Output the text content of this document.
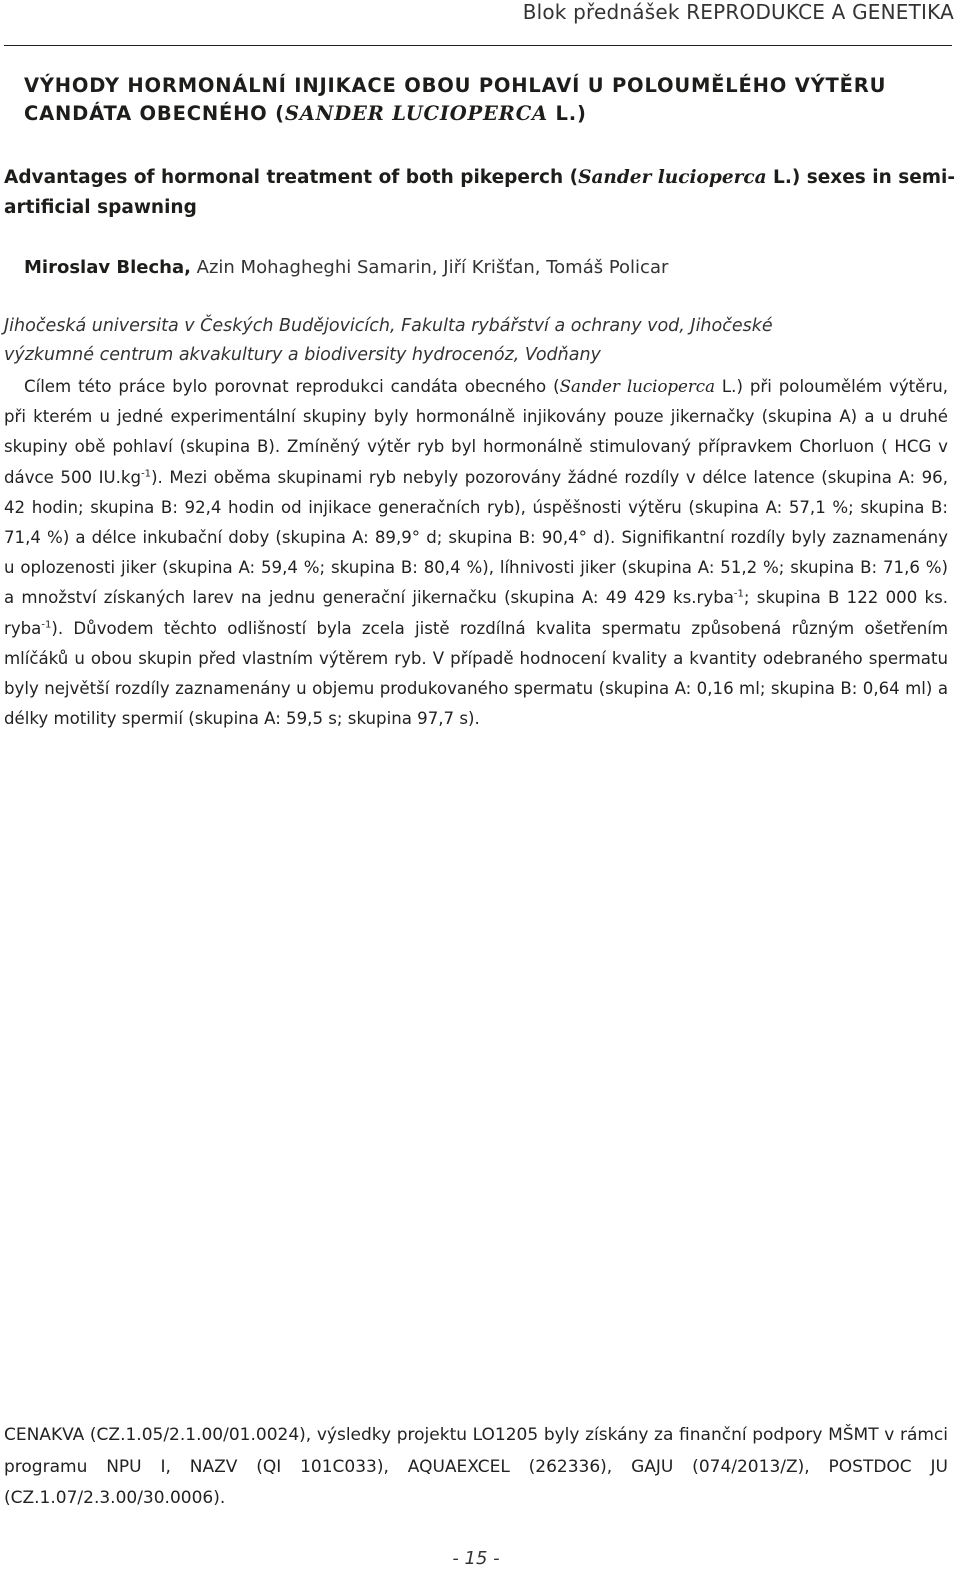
Blok přednášek REPRODUKCE A GENETIKA
VÝHODY HORMONÁLNÍ INJIKACE OBOU POHLAVÍ U POLOUMĚLÉHO VÝTĚRU
CANDÁTA OBECNÉHO (SANDER LUCIOPERCA L.)
Advantages of hormonal treatment of both pikeperch (Sander lucioperca L.) sexes in semi-
artificial spawning
Miroslav Blecha, Azin Mohagheghi Samarin, Jiří Krišťan, Tomáš Policar
Jihočeská universita v Českých Budějovicích, Fakulta rybářství a ochrany vod, Jihočeské
výzkumné centrum akvakultury a biodiversity hydrocenóz, Vodňany

Cílem této práce bylo porovnat reprodukci candáta obecného (Sander lucioperca L.) při poloumělém výtěru, při kterém u jedné experimentální skupiny byly hormonálně injikovány pouze jikernačky (skupina A) a u druhé skupiny obě pohlaví (skupina B). Zmíněný výtěr ryb byl hormonálně stimulovaný přípravkem Chorluon ( HCG v dávce 500 $IU.kg^{-1}$). Mezi oběma skupinami ryb nebyly pozorovány žádné rozdíly v délce latence (skupina A: 96, 42 hodin; skupina B: 92,4 hodin od injikace generačních ryb), úspěšnosti výtěru (skupina A: 57,1 %; skupina B: 71,4 %) a délce inkubační doby (skupina A: 89,9° d; skupina B: 90,4° d). Signifikantní rozdíly byly zaznamenány u oplozenosti jiker (skupina A: 59,4 %; skupina B: 80,4 %), líhnivosti jiker (skupina A: 51,2 %; skupina B: 71,6 %) a množství získaných larev na jednu generační jikernačku (skupina A: 49 429 ks.ryba$^{-1}$; skupina B 122 000 ks. ryba$^{-1}$). Důvodem těchto odlišností byla zcela jistě rozdílná kvalita spermatu způsobená různým ošetřením mlíčáků u obou skupin před vlastním výtěrem ryb. V případě hodnocení kvality a kvantity odebraného spermatu byly největší rozdíly zaznamenány u objemu produkovaného spermatu (skupina A: 0,16 ml; skupina B: 0,64 ml) a délky motility spermií (skupina A: 59,5 s; skupina 97,7 s).

CENAKVA (CZ.1.05/2.1.00/01.0024), výsledky projektu LO1205 byly získány za finanční podpory MŠMT v rámci programu NPU I, NAZV (QI 101C033), AQUAEXCEL (262336), GAJU (074/2013/Z), POSTDOC JU (CZ.1.07/2.3.00/30.0006).

- 15 -
